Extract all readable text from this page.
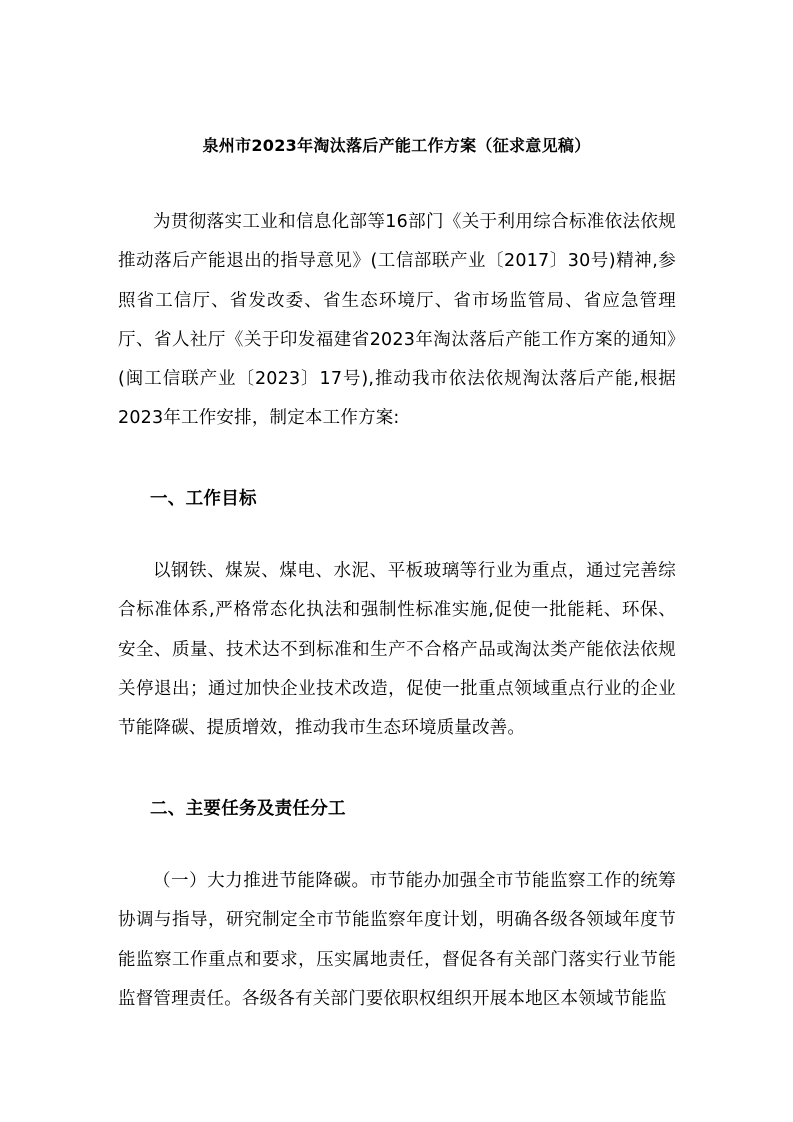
泉州市2023年淘汰落后产能工作方案（征求意见稿）

为贯彻落实工业和信息化部等16部门《关于利用综合标准依法依规推动落后产能退出的指导意见》(工信部联产业〔2017〕30号)精神,参照省工信厅、省发改委、省生态环境厅、省市场监管局、省应急管理厅、省人社厅《关于印发福建省2023年淘汰落后产能工作方案的通知》(闽工信联产业〔2023〕17号),推动我市依法依规淘汰落后产能,根据2023年工作安排，制定本工作方案:

一、工作目标

以钢铁、煤炭、煤电、水泥、平板玻璃等行业为重点，通过完善综合标准体系,严格常态化执法和强制性标准实施,促使一批能耗、环保、安全、质量、技术达不到标准和生产不合格产品或淘汰类产能依法依规关停退出；通过加快企业技术改造，促使一批重点领域重点行业的企业节能降碳、提质增效，推动我市生态环境质量改善。

二、主要任务及责任分工

（一）大力推进节能降碳。市节能办加强全市节能监察工作的统筹协调与指导，研究制定全市节能监察年度计划，明确各级各领域年度节能监察工作重点和要求，压实属地责任，督促各有关部门落实行业节能监督管理责任。各级各有关部门要依职权组织开展本地区本领域节能监
